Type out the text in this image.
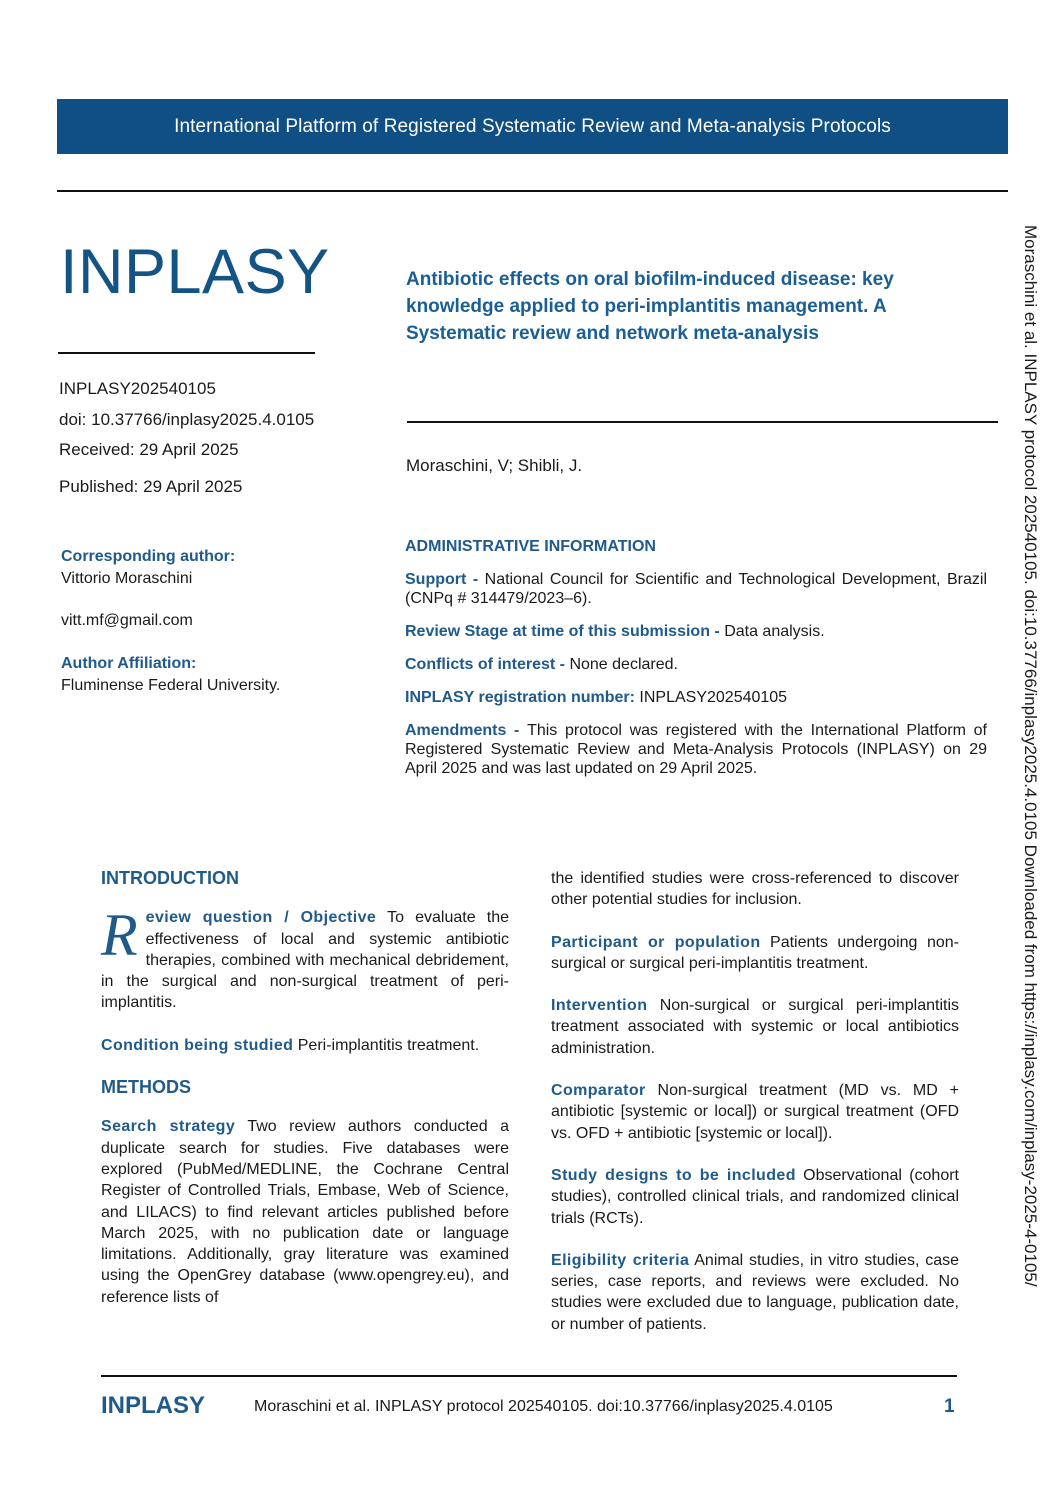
International Platform of Registered Systematic Review and Meta-analysis Protocols
INPLASY	Antibiotic effects on oral biofilm-induced disease: key knowledge applied to peri-implantitis management. A Systematic review and network meta-analysis
INPLASY202540105
doi: 10.37766/inplasy2025.4.0105
Received: 29 April 2025
Published: 29 April 2025
Moraschini, V; Shibli, J.
Corresponding author:
Vittorio Moraschini
vitt.mf@gmail.com
Author Affiliation:
Fluminense Federal University.
ADMINISTRATIVE INFORMATION

Support - National Council for Scientific and Technological Development, Brazil (CNPq # 314479/2023–6).

Review Stage at time of this submission - Data analysis.

Conflicts of interest - None declared.

INPLASY registration number: INPLASY202540105

Amendments - This protocol was registered with the International Platform of Registered Systematic Review and Meta-Analysis Protocols (INPLASY) on 29 April 2025 and was last updated on 29 April 2025.

INTRODUCTION

Review question / Objective To evaluate the effectiveness of local and systemic antibiotic therapies, combined with mechanical debridement, in the surgical and non-surgical treatment of peri-implantitis.

Condition being studied Peri-implantitis treatment.

METHODS

Search strategy Two review authors conducted a duplicate search for studies. Five databases were explored (PubMed/MEDLINE, the Cochrane Central Register of Controlled Trials, Embase, Web of Science, and LILACS) to find relevant articles published before March 2025, with no publication date or language limitations. Additionally, gray literature was examined using the OpenGrey database (www.opengrey.eu), and reference lists of

the identified studies were cross-referenced to discover other potential studies for inclusion.

Participant or population Patients undergoing non-surgical or surgical peri-implantitis treatment.

Intervention Non-surgical or surgical peri-implantitis treatment associated with systemic or local antibiotics administration.

Comparator Non-surgical treatment (MD vs. MD + antibiotic [systemic or local]) or surgical treatment (OFD vs. OFD + antibiotic [systemic or local]).

Study designs to be included Observational (cohort studies), controlled clinical trials, and randomized clinical trials (RCTs).

Eligibility criteria Animal studies, in vitro studies, case series, case reports, and reviews were excluded. No studies were excluded due to language, publication date, or number of patients.

INPLASY	Moraschini et al. INPLASY protocol 202540105. doi:10.37766/inplasy2025.4.0105	1
Moraschini et al. INPLASY protocol 202540105. doi:10.37766/inplasy2025.4.0105 Downloaded from https://inplasy.com/inplasy-2025-4-0105/
